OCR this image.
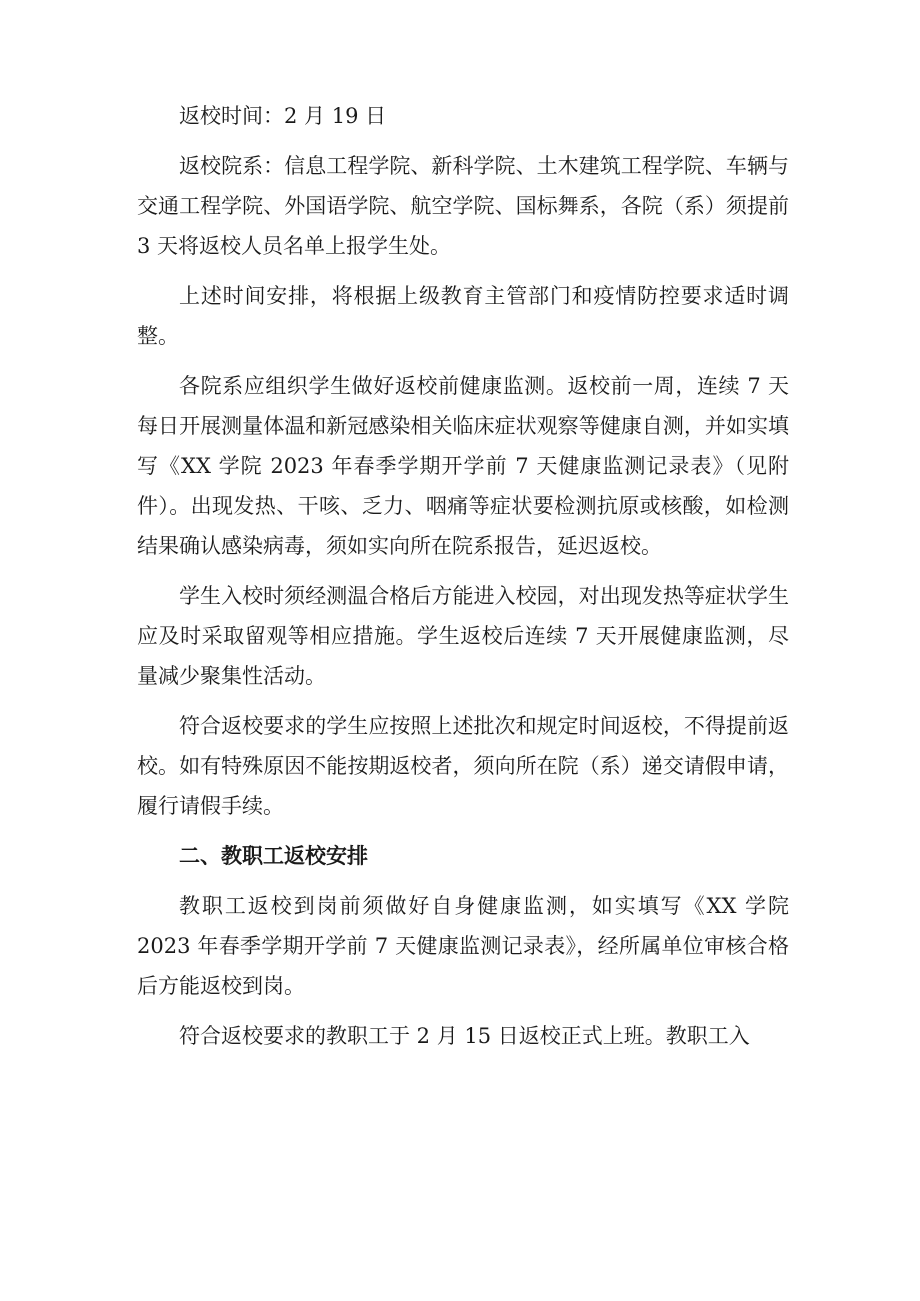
返校时间：2 月 19 日

返校院系：信息工程学院、新科学院、土木建筑工程学院、车辆与交通工程学院、外国语学院、航空学院、国标舞系，各院（系）须提前 3 天将返校人员名单上报学生处。

上述时间安排，将根据上级教育主管部门和疫情防控要求适时调整。

各院系应组织学生做好返校前健康监测。返校前一周，连续 7 天每日开展测量体温和新冠感染相关临床症状观察等健康自测，并如实填写《XX 学院 2023 年春季学期开学前 7 天健康监测记录表》（见附件）。出现发热、干咳、乏力、咽痛等症状要检测抗原或核酸，如检测结果确认感染病毒，须如实向所在院系报告，延迟返校。

学生入校时须经测温合格后方能进入校园，对出现发热等症状学生应及时采取留观等相应措施。学生返校后连续 7 天开展健康监测，尽量减少聚集性活动。

符合返校要求的学生应按照上述批次和规定时间返校，不得提前返校。如有特殊原因不能按期返校者，须向所在院（系）递交请假申请，履行请假手续。

二、教职工返校安排

教职工返校到岗前须做好自身健康监测，如实填写《XX 学院 2023 年春季学期开学前 7 天健康监测记录表》，经所属单位审核合格后方能返校到岗。

符合返校要求的教职工于 2 月 15 日返校正式上班。教职工入
